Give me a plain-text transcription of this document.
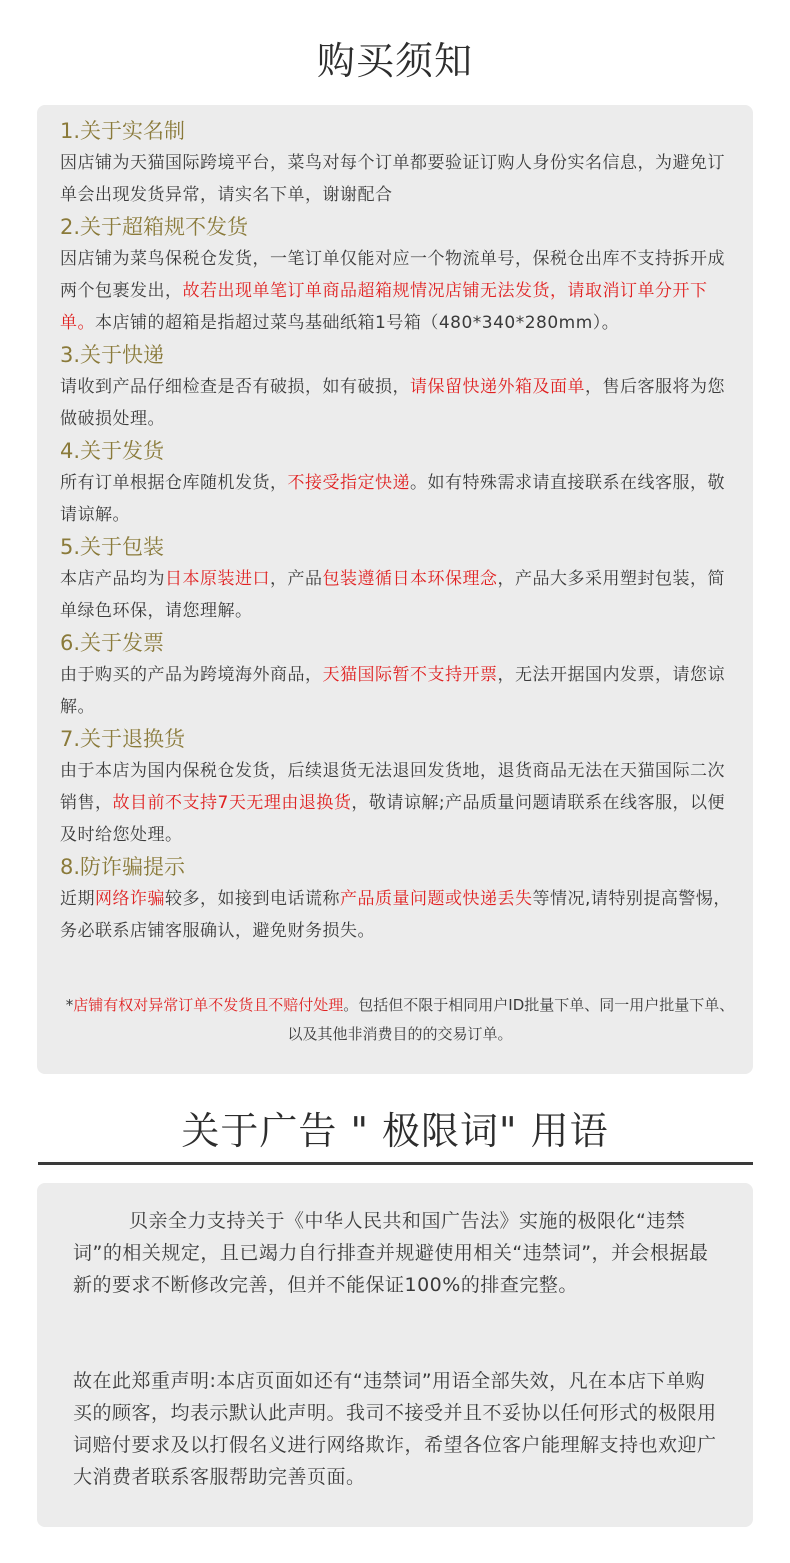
购买须知
1.关于实名制
因店铺为天猫国际跨境平台，菜鸟对每个订单都要验证订购人身份实名信息，为避免订单会出现发货异常，请实名下单，谢谢配合
2.关于超箱规不发货
因店铺为菜鸟保税仓发货，一笔订单仅能对应一个物流单号，保税仓出库不支持拆开成两个包裹发出，故若出现单笔订单商品超箱规情况店铺无法发货，请取消订单分开下单。本店铺的超箱是指超过菜鸟基础纸箱1号箱（480*340*280mm）。
3.关于快递
请收到产品仔细检查是否有破损，如有破损，请保留快递外箱及面单，售后客服将为您做破损处理。
4.关于发货
所有订单根据仓库随机发货，不接受指定快递。如有特殊需求请直接联系在线客服，敬请谅解。
5.关于包装
本店产品均为日本原装进口，产品包装遵循日本环保理念，产品大多采用塑封包装，简单绿色环保，请您理解。
6.关于发票
由于购买的产品为跨境海外商品，天猫国际暂不支持开票，无法开据国内发票，请您谅解。
7.关于退换货
由于本店为国内保税仓发货，后续退货无法退回发货地，退货商品无法在天猫国际二次销售，故目前不支持7天无理由退换货，敬请谅解;产品质量问题请联系在线客服，以便及时给您处理。
8.防诈骗提示
近期网络诈骗较多，如接到电话谎称产品质量问题或快递丢失等情况,请特别提高警惕，务必联系店铺客服确认，避免财务损失。
*店铺有权对异常订单不发货且不赔付处理。包括但不限于相同用户ID批量下单、同一用户批量下单、以及其他非消费目的的交易订单。
关于广告 " 极限词" 用语
贝亲全力支持关于《中华人民共和国广告法》实施的极限化“违禁词”的相关规定，且已竭力自行排查并规避使用相关“违禁词”，并会根据最新的要求不断修改完善，但并不能保证100%的排查完整。
故在此郑重声明:本店页面如还有“违禁词”用语全部失效，凡在本店下单购买的顾客，均表示默认此声明。我司不接受并且不妥协以任何形式的极限用词赔付要求及以打假名义进行网络欺诈，希望各位客户能理解支持也欢迎广大消费者联系客服帮助完善页面。
